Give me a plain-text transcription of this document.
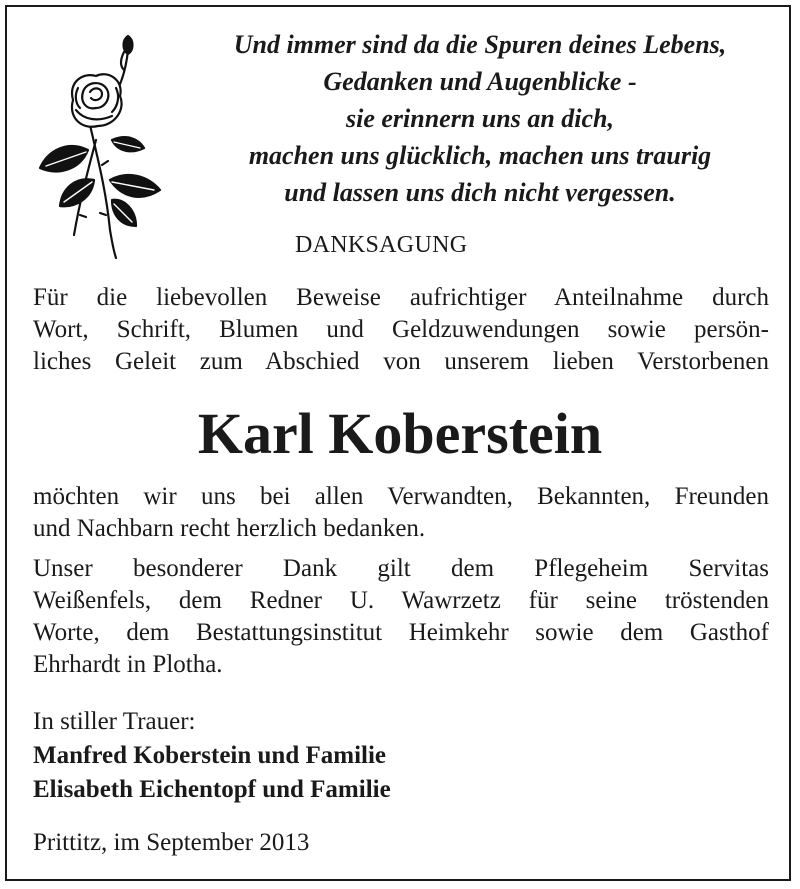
Und immer sind da die Spuren deines Lebens,
Gedanken und Augenblicke -
sie erinnern uns an dich,
machen uns glücklich, machen uns traurig
und lassen uns dich nicht vergessen.
DANKSAGUNG
Für die liebevollen Beweise aufrichtiger Anteilnahme durch
Wort, Schrift, Blumen und Geldzuwendungen sowie persön-
liches Geleit zum Abschied von unserem lieben Verstorbenen
Karl Koberstein
möchten wir uns bei allen Verwandten, Bekannten, Freunden
und Nachbarn recht herzlich bedanken.
Unser besonderer Dank gilt dem Pflegeheim Servitas
Weißenfels, dem Redner U. Wawrzetz für seine tröstenden
Worte, dem Bestattungsinstitut Heimkehr sowie dem Gasthof
Ehrhardt in Plotha.
In stiller Trauer:
Manfred Koberstein und Familie
Elisabeth Eichentopf und Familie
Prittitz, im September 2013
